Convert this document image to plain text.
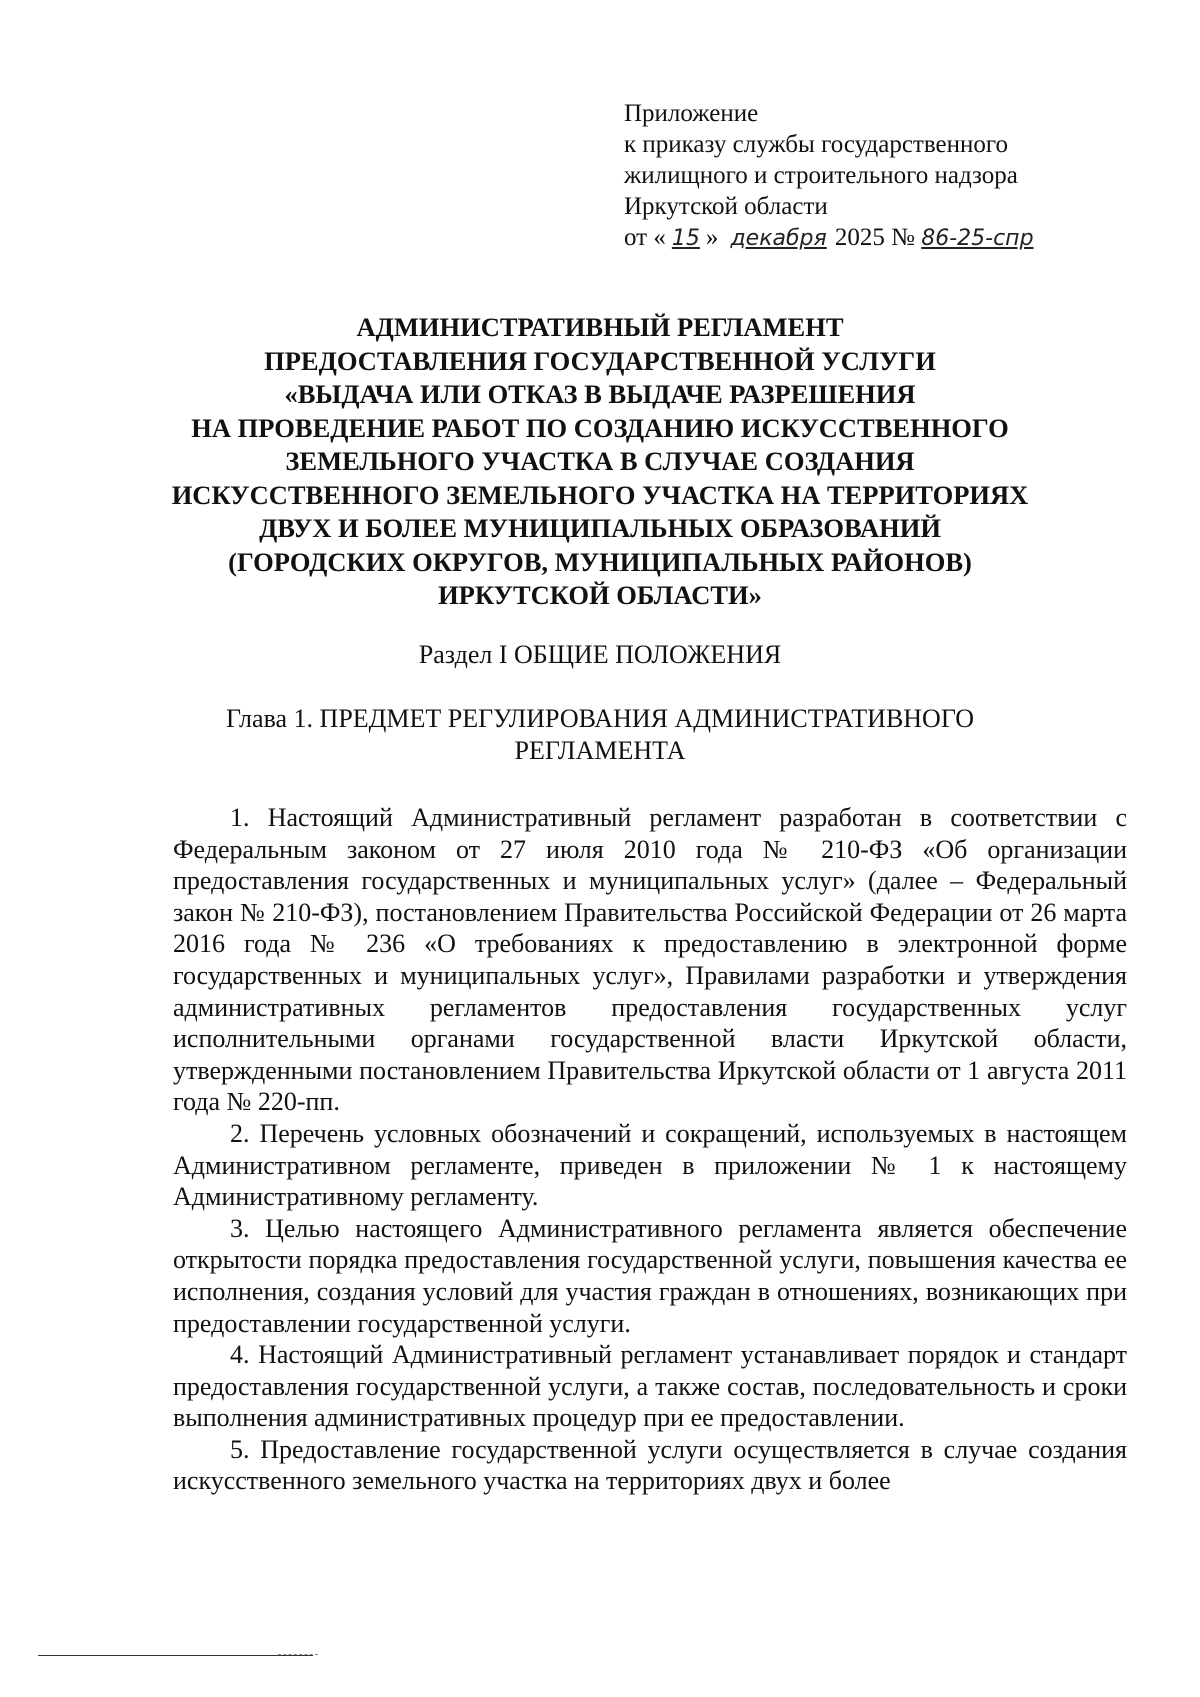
Приложение
к приказу службы государственного
жилищного и строительного надзора
Иркутской области
от « 15 » декабря 2025 № 86-25-спр
АДМИНИСТРАТИВНЫЙ РЕГЛАМЕНТ
ПРЕДОСТАВЛЕНИЯ ГОСУДАРСТВЕННОЙ УСЛУГИ
«ВЫДАЧА ИЛИ ОТКАЗ В ВЫДАЧЕ РАЗРЕШЕНИЯ
НА ПРОВЕДЕНИЕ РАБОТ ПО СОЗДАНИЮ ИСКУССТВЕННОГО
ЗЕМЕЛЬНОГО УЧАСТКА В СЛУЧАЕ СОЗДАНИЯ
ИСКУССТВЕННОГО ЗЕМЕЛЬНОГО УЧАСТКА НА ТЕРРИТОРИЯХ
ДВУХ И БОЛЕЕ МУНИЦИПАЛЬНЫХ ОБРАЗОВАНИЙ
(ГОРОДСКИХ ОКРУГОВ, МУНИЦИПАЛЬНЫХ РАЙОНОВ)
ИРКУТСКОЙ ОБЛАСТИ»
Раздел I ОБЩИЕ ПОЛОЖЕНИЯ
Глава 1. ПРЕДМЕТ РЕГУЛИРОВАНИЯ АДМИНИСТРАТИВНОГО
РЕГЛАМЕНТА

1. Настоящий Административный регламент разработан в соответствии с Федеральным законом от 27 июля 2010 года № 210-ФЗ «Об организации предоставления государственных и муниципальных услуг» (далее – Федеральный закон № 210-ФЗ), постановлением Правительства Российской Федерации от 26 марта 2016 года № 236 «О требованиях к предоставлению в электронной форме государственных и муниципальных услуг», Правилами разработки и утверждения административных регламентов предоставления государственных услуг исполнительными органами государственной власти Иркутской области, утвержденными постановлением Правительства Иркутской области от 1 августа 2011 года № 220-пп.

2. Перечень условных обозначений и сокращений, используемых в настоящем Административном регламенте, приведен в приложении № 1 к настоящему Административному регламенту.

3. Целью настоящего Административного регламента является обеспечение открытости порядка предоставления государственной услуги, повышения качества ее исполнения, создания условий для участия граждан в отношениях, возникающих при предоставлении государственной услуги.

4. Настоящий Административный регламент устанавливает порядок и стандарт предоставления государственной услуги, а также состав, последовательность и сроки выполнения административных процедур при ее предоставлении.

5. Предоставление государственной услуги осуществляется в случае создания искусственного земельного участка на территориях двух и более
